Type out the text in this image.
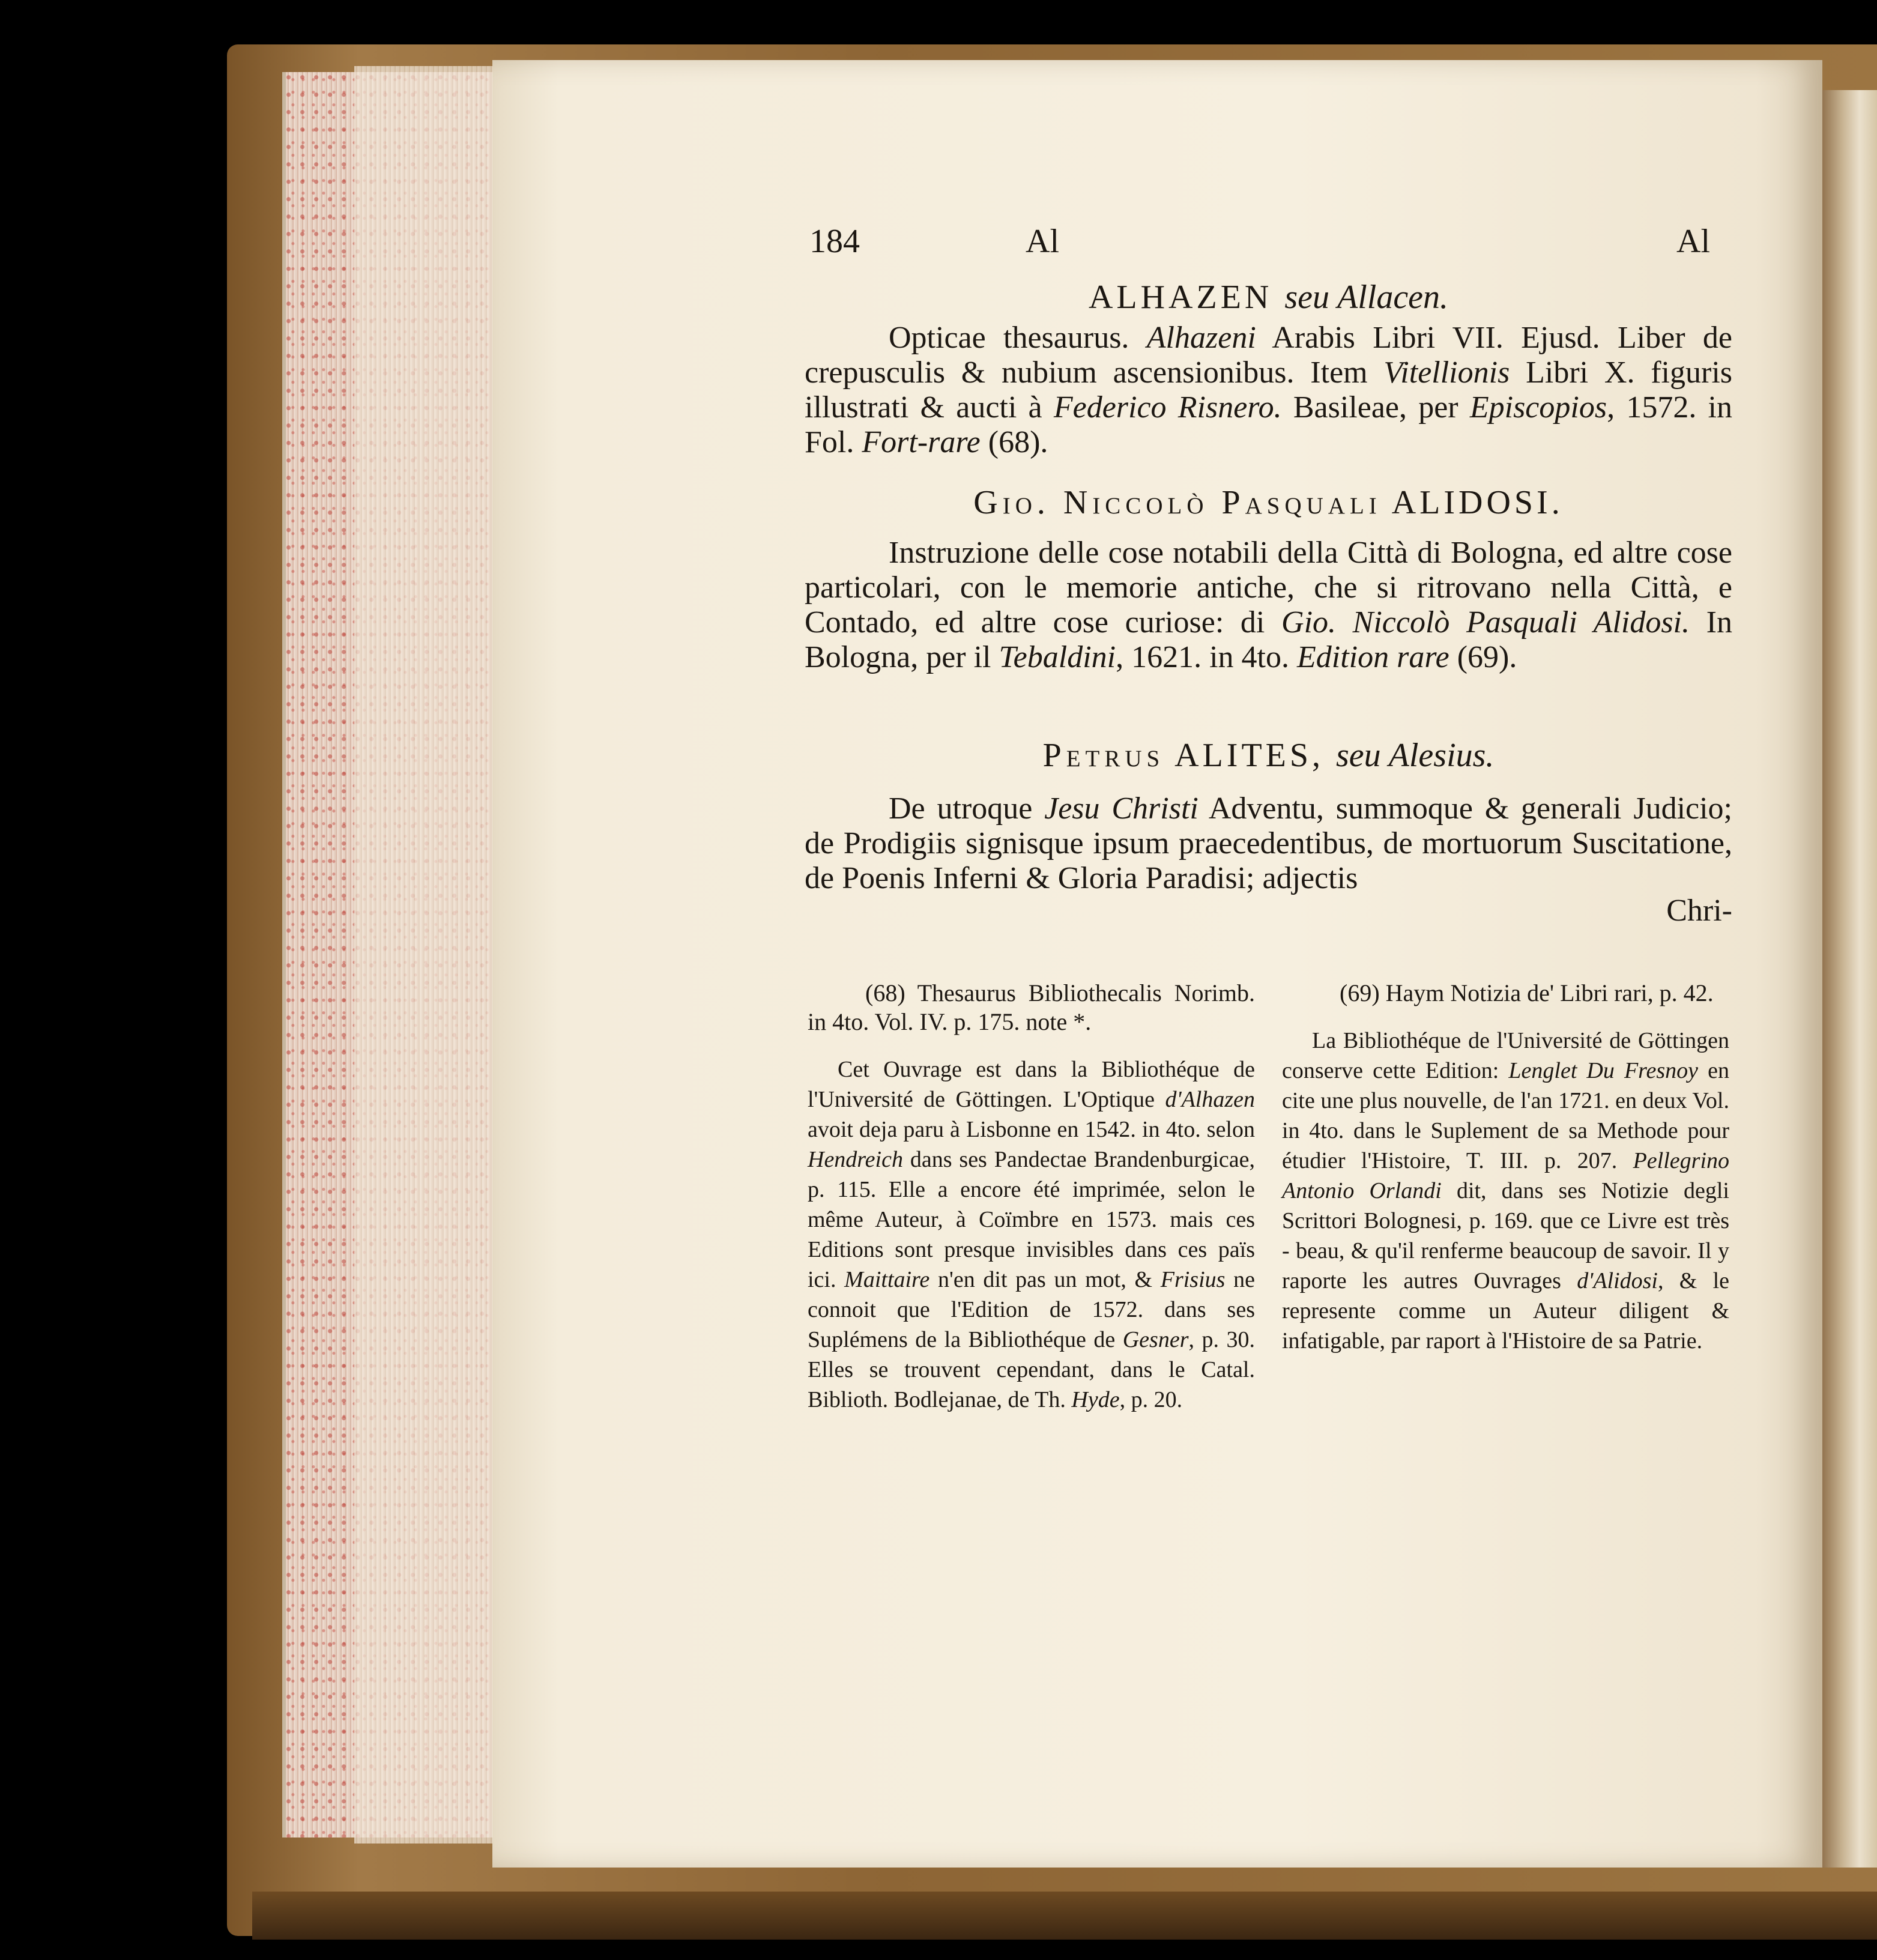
184	Al	Al

ALHAZEN seu Allacen.

Opticae thesaurus. Alhazeni Arabis Libri VII. Ejusd. Liber de crepusculis & nubium ascensionibus. Item Vitellionis Libri X. figuris illustrati & aucti à Federico Risnero. Basileae, per Episcopios, 1572. in Fol. Fort-rare (68).

Gio. Niccolò Pasquali ALIDOSI.

Instruzione delle cose notabili della Città di Bologna, ed altre cose particolari, con le memorie antiche, che si ritrovano nella Città, e Contado, ed altre cose curiose: di Gio. Niccolò Pasquali Alidosi. In Bologna, per il Tebaldini, 1621. in 4to. Edition rare (69).

Petrus ALITES, seu Alesius.

De utroque Jesu Christi Adventu, summoque & generali Judicio; de Prodigiis signisque ipsum praecedentibus, de mortuorum Suscitatione, de Poenis Inferni & Gloria Paradisi; adjectis

Chri-

(68) Thesaurus Bibliothecalis Norimb. in 4to. Vol. IV. p. 175. note *.

Cet Ouvrage est dans la Bibliothéque de l'Université de Göttingen. L'Optique d'Alhazen avoit deja paru à Lisbonne en 1542. in 4to. selon Hendreich dans ses Pandectae Brandenburgicae, p. 115. Elle a encore été imprimée, selon le même Auteur, à Coïmbre en 1573. mais ces Editions sont presque invisibles dans ces païs ici. Maittaire n'en dit pas un mot, & Frisius ne connoit que l'Edition de 1572. dans ses Suplémens de la Bibliothéque de Gesner, p. 30. Elles se trouvent cependant, dans le Catal. Biblioth. Bodlejanae, de Th. Hyde, p. 20.

(69) Haym Notizia de' Libri rari, p. 42.

La Bibliothéque de l'Université de Göttingen conserve cette Edition: Lenglet Du Fresnoy en cite une plus nouvelle, de l'an 1721. en deux Vol. in 4to. dans le Suplement de sa Methode pour étudier l'Histoire, T. III. p. 207. Pellegrino Antonio Orlandi dit, dans ses Notizie degli Scrittori Bolognesi, p. 169. que ce Livre est très - beau, & qu'il renferme beaucoup de savoir. Il y raporte les autres Ouvrages d'Alidosi, & le represente comme un Auteur diligent & infatigable, par raport à l'Histoire de sa Patrie.
